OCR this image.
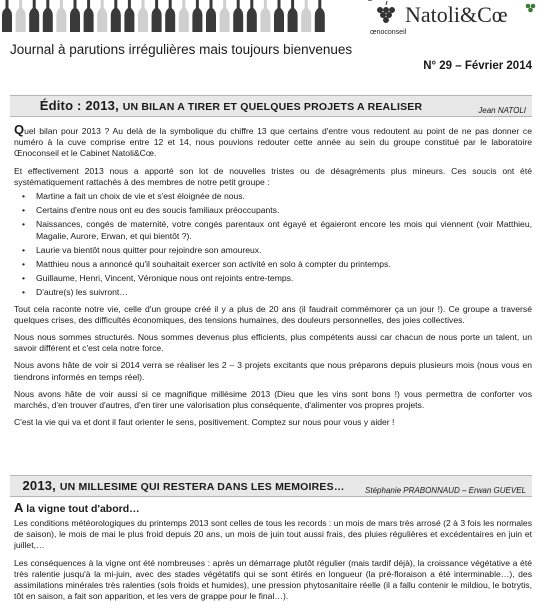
œnoconseil
Natoli&Cœ
Journal à parutions irrégulières mais toujours bienvenues
N° 29 – Février 2014
Édito : 2013, UN BILAN A TIRER ET QUELQUES PROJETS A REALISER	Jean NATOLI

Quel bilan pour 2013 ? Au delà de la symbolique du chiffre 13 que certains d'entre vous redoutent au point de ne pas donner ce numéro à la cuve comprise entre 12 et 14, nous pouvions redouter cette année au sein du groupe constitué par le laboratoire Œnoconseil et le Cabinet Natoli&Cœ.

Et effectivement 2013 nous a apporté son lot de nouvelles tristes ou de désagréments plus mineurs. Ces soucis ont été systématiquement rattachés à des membres de notre petit groupe :

• Martine a fait un choix de vie et s'est éloignée de nous.
• Certains d'entre nous ont eu des soucis familiaux préoccupants.
• Naissances, congés de maternité, votre congés parentaux ont égayé et égaieront encore les mois qui viennent (voir Matthieu, Magalie, Aurore, Erwan, et qui bientôt ?).
• Laurie va bientôt nous quitter pour rejoindre son amoureux.
• Matthieu nous a annoncé qu'il souhaitait exercer son activité en solo à compter du printemps.
• Guillaume, Henri, Vincent, Véronique nous ont rejoints entre-temps.
• D'autre(s) les suivront…

Tout cela raconte notre vie, celle d'un groupe créé il y a plus de 20 ans (il faudrait commémorer ça un jour !). Ce groupe a traversé quelques crises, des difficultés économiques, des tensions humaines, des douleurs personnelles, des joies collectives.

Nous nous sommes structurés. Nous sommes devenus plus efficients, plus compétents aussi car chacun de nous porte un talent, un savoir différent et c'est cela notre force.

Nous avons hâte de voir si 2014 verra se réaliser les 2 – 3 projets excitants que nous préparons depuis plusieurs mois (nous vous en tiendrons informés en temps réel).

Nous avons hâte de voir aussi si ce magnifique millésime 2013 (Dieu que les vins sont bons !) vous permettra de conforter vos marchés, d'en trouver d'autres, d'en tirer une valorisation plus conséquente, d'alimenter vos propres projets.

C'est la vie qui va et dont il faut orienter le sens, positivement. Comptez sur nous pour vous y aider !

2013, UN MILLESIME QUI RESTERA DANS LES MEMOIRES…	Stéphanie PRABONNAUD – Erwan GUEVEL
A la vigne tout d'abord…

Les conditions météorologiques du printemps 2013 sont celles de tous les records : un mois de mars très arrosé (2 à 3 fois les normales de saison), le mois de mai le plus froid depuis 20 ans, un mois de juin tout aussi frais, des pluies régulières et excédentaires en juin et juillet,…

Les conséquences à la vigne ont été nombreuses : après un démarrage plutôt régulier (mais tardif déjà), la croissance végétative a été très ralentie jusqu'à la mi-juin, avec des stades végétatifs qui se sont étirés en longueur (la pré-floraison a été interminable…), des assimilations minérales très ralenties (sols froids et humides), une pression phytosanitaire réelle (il a fallu contenir le mildiou, le botrytis, tôt en saison, a fait son apparition, et les vers de grappe pour le final…).
